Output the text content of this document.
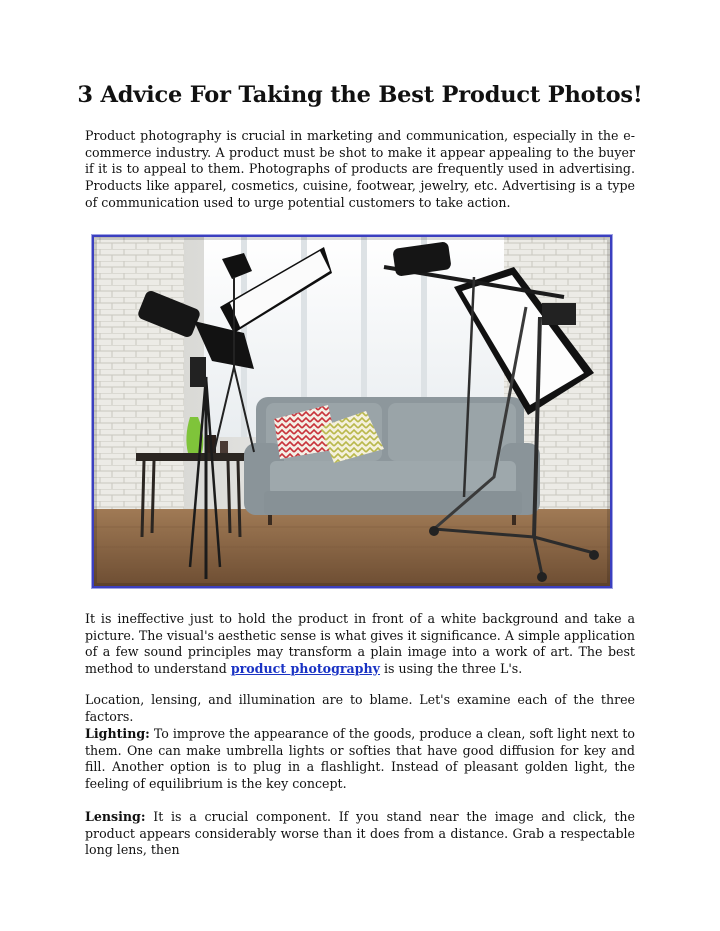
3 Advice For Taking the Best Product Photos!

Product photography is crucial in marketing and communication, especially in the e-commerce industry. A product must be shot to make it appear appealing to the buyer if it is to appeal to them. Photographs of products are frequently used in advertising. Products like apparel, cosmetics, cuisine, footwear, jewelry, etc. Advertising is a type of communication used to urge potential customers to take action.

It is ineffective just to hold the product in front of a white background and take a picture. The visual's aesthetic sense is what gives it significance. A simple application of a few sound principles may transform a plain image into a work of art. The best method to understand product photography is using the three L's.

Location, lensing, and illumination are to blame. Let's examine each of the three factors.

Lighting: To improve the appearance of the goods, produce a clean, soft light next to them. One can make umbrella lights or softies that have good diffusion for key and fill. Another option is to plug in a flashlight. Instead of pleasant golden light, the feeling of equilibrium is the key concept.

Lensing: It is a crucial component. If you stand near the image and click, the product appears considerably worse than it does from a distance. Grab a respectable long lens, then
